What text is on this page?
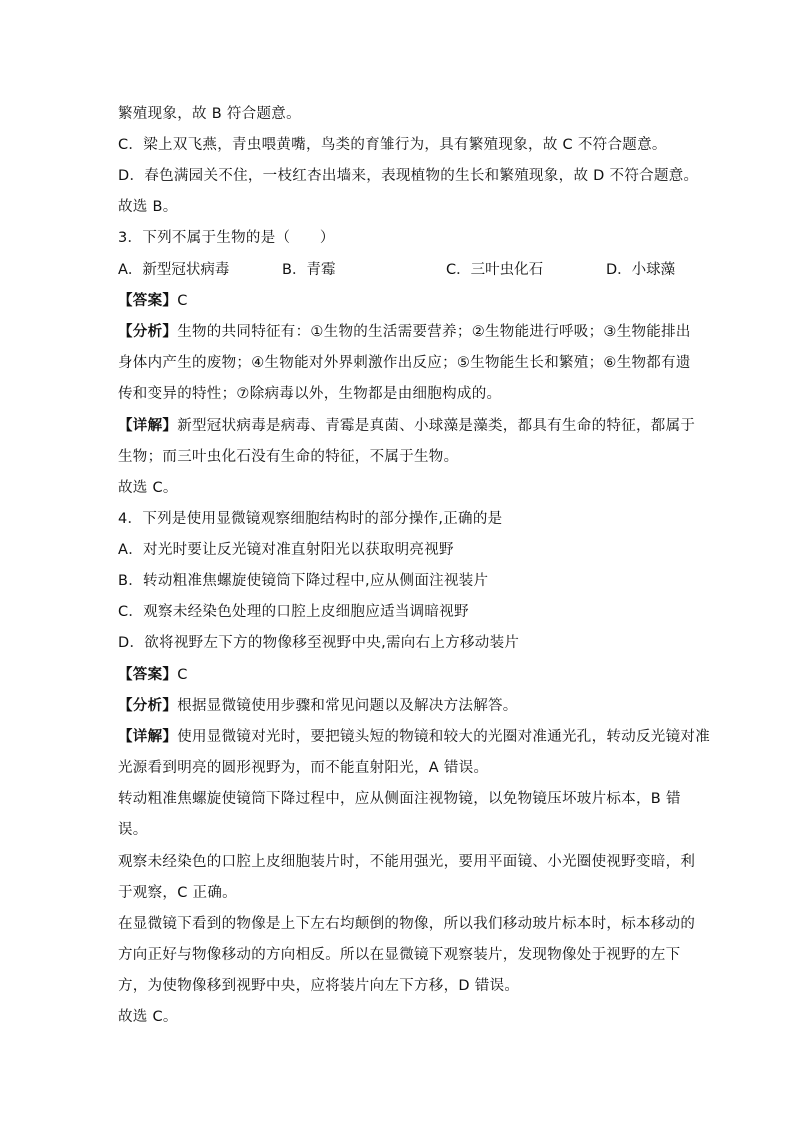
繁殖现象，故 B 符合题意。
C．梁上双飞燕，青虫喂黄嘴，鸟类的育雏行为，具有繁殖现象，故 C 不符合题意。
D．春色满园关不住，一枝红杏出墙来，表现植物的生长和繁殖现象，故 D 不符合题意。
故选 B。
3．下列不属于生物的是（　　）
A．新型冠状病毒	B．青霉	C．三叶虫化石	D．小球藻
【答案】C
【分析】生物的共同特征有：①生物的生活需要营养；②生物能进行呼吸；③生物能排出
身体内产生的废物；④生物能对外界刺激作出反应；⑤生物能生长和繁殖；⑥生物都有遗
传和变异的特性；⑦除病毒以外，生物都是由细胞构成的。
【详解】新型冠状病毒是病毒、青霉是真菌、小球藻是藻类，都具有生命的特征，都属于
生物；而三叶虫化石没有生命的特征，不属于生物。
故选 C。
4．下列是使用显微镜观察细胞结构时的部分操作,正确的是
A．对光时要让反光镜对准直射阳光以获取明亮视野
B．转动粗准焦螺旋使镜筒下降过程中,应从侧面注视装片
C．观察未经染色处理的口腔上皮细胞应适当调暗视野
D．欲将视野左下方的物像移至视野中央,需向右上方移动装片
【答案】C
【分析】根据显微镜使用步骤和常见问题以及解决方法解答。
【详解】使用显微镜对光时，要把镜头短的物镜和较大的光圈对准通光孔，转动反光镜对准
光源看到明亮的圆形视野为，而不能直射阳光，A 错误。
转动粗准焦螺旋使镜筒下降过程中，应从侧面注视物镜，以免物镜压坏玻片标本，B 错
误。
观察未经染色的口腔上皮细胞装片时，不能用强光，要用平面镜、小光圈使视野变暗，利
于观察，C 正确。
在显微镜下看到的物像是上下左右均颠倒的物像，所以我们移动玻片标本时，标本移动的
方向正好与物像移动的方向相反。所以在显微镜下观察装片，发现物像处于视野的左下
方，为使物像移到视野中央，应将装片向左下方移，D 错误。
故选 C。
